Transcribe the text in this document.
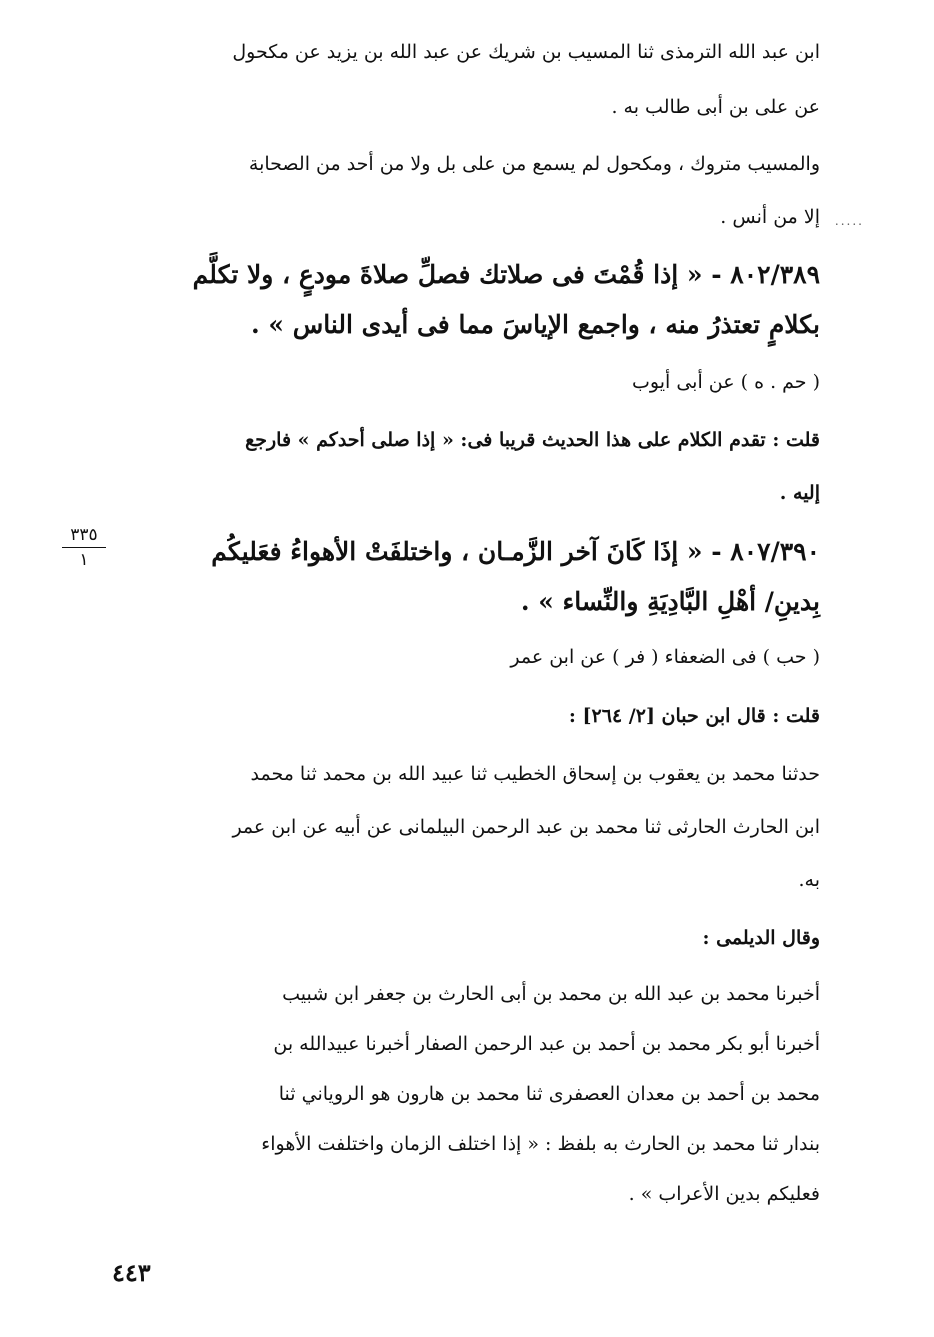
ابن عبد الله الترمذى ثنا المسيب بن شريك عن عبد الله بن يزيد عن مكحول
عن على بن أبى طالب به .
والمسيب متروك ، ومكحول لم يسمع من على بل ولا من أحد من الصحابة
إلا من أنس . .....
٨٠٢/٣٨٩ - « إذا قُمْتَ فى صلاتك فصلِّ صلاةَ مودعٍ ، ولا تكلَّم
بكلامٍ تعتذرُ منه ، واجمع الإياسَ مما فى أيدى الناس » .
( حم . ه ) عن أبى أيوب
قلت : تقدم الكلام على هذا الحديث قريبا فى: « إذا صلى أحدكم » فارجع
إليه .
٨٠٧/٣٩٠ - « إذَا كَانَ آخر الزَّمـان ، واختلفَتْ الأهواءُ فعَليكُم
بِدينِ/ أهْلِ البَّادِيَةِ والنِّساء » .
٣٣٥
١
( حب ) فى الضعفاء ( فر ) عن ابن عمر
قلت : قال ابن حبان [٢/ ٢٦٤] :
حدثنا محمد بن يعقوب بن إسحاق الخطيب ثنا عبيد الله بن محمد ثنا محمد
ابن الحارث الحارثى ثنا محمد بن عبد الرحمن البيلمانى عن أبيه عن ابن عمر
به.
وقال الديلمى :
أخبرنا محمد بن عبد الله بن محمد بن أبى الحارث بن جعفر ابن شبيب
أخبرنا أبو بكر محمد بن أحمد بن عبد الرحمن الصفار أخبرنا عبيدالله بن
محمد بن أحمد بن معدان العصفرى ثنا محمد بن هارون هو الروياني ثنا
بندار ثنا محمد بن الحارث به بلفظ : « إذا اختلف الزمان واختلفت الأهواء
فعليكم بدين الأعراب » .
٤٤٣
